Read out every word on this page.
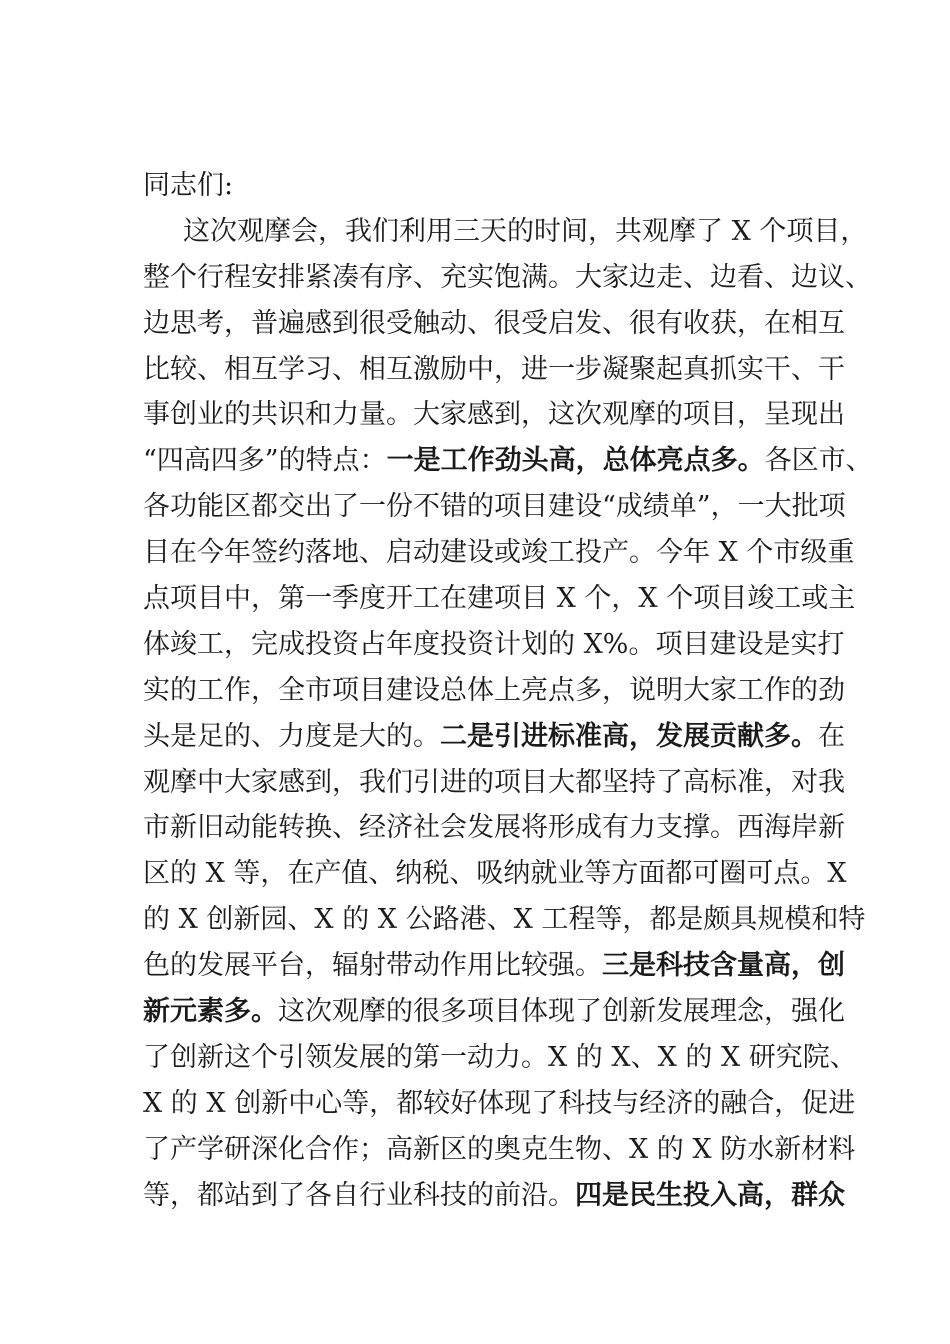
同志们:
这次观摩会，我们利用三天的时间，共观摩了 X 个项目，
整个行程安排紧凑有序、充实饱满。大家边走、边看、边议、
边思考，普遍感到很受触动、很受启发、很有收获，在相互
比较、相互学习、相互激励中，进一步凝聚起真抓实干、干
事创业的共识和力量。大家感到，这次观摩的项目，呈现出
“四高四多”的特点：一是工作劲头高，总体亮点多。各区市、
各功能区都交出了一份不错的项目建设“成绩单”，一大批项
目在今年签约落地、启动建设或竣工投产。今年 X 个市级重
点项目中，第一季度开工在建项目 X 个，X 个项目竣工或主
体竣工，完成投资占年度投资计划的 X%。项目建设是实打
实的工作，全市项目建设总体上亮点多，说明大家工作的劲
头是足的、力度是大的。二是引进标准高，发展贡献多。在
观摩中大家感到，我们引进的项目大都坚持了高标准，对我
市新旧动能转换、经济社会发展将形成有力支撑。西海岸新
区的 X 等，在产值、纳税、吸纳就业等方面都可圈可点。X
的 X 创新园、X 的 X 公路港、X 工程等，都是颇具规模和特
色的发展平台，辐射带动作用比较强。三是科技含量高，创
新元素多。这次观摩的很多项目体现了创新发展理念，强化
了创新这个引领发展的第一动力。X 的 X、X 的 X 研究院、
X 的 X 创新中心等，都较好体现了科技与经济的融合，促进
了产学研深化合作；高新区的奥克生物、X 的 X 防水新材料
等，都站到了各自行业科技的前沿。四是民生投入高，群众
